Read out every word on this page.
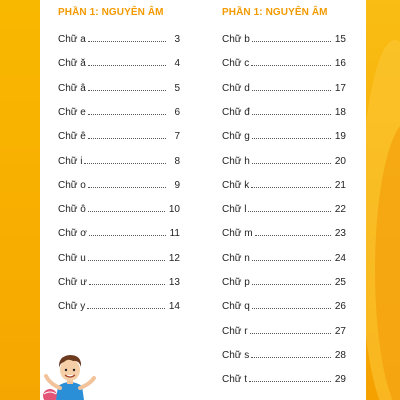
PHẦN 1: NGUYÊN ÂM
Chữ a	3
Chữ ă	4
Chữ â	5
Chữ e	6
Chữ ê	7
Chữ i	8
Chữ o	9
Chữ ô	10
Chữ ơ	11
Chữ u	12
Chữ ư	13
Chữ y	14
PHẦN 1: NGUYÊN ÂM
Chữ b	15
Chữ c	16
Chữ d	17
Chữ đ	18
Chữ g	19
Chữ h	20
Chữ k	21
Chữ l	22
Chữ m	23
Chữ n	24
Chữ p	25
Chữ q	26
Chữ r	27
Chữ s	28
Chữ t	29
